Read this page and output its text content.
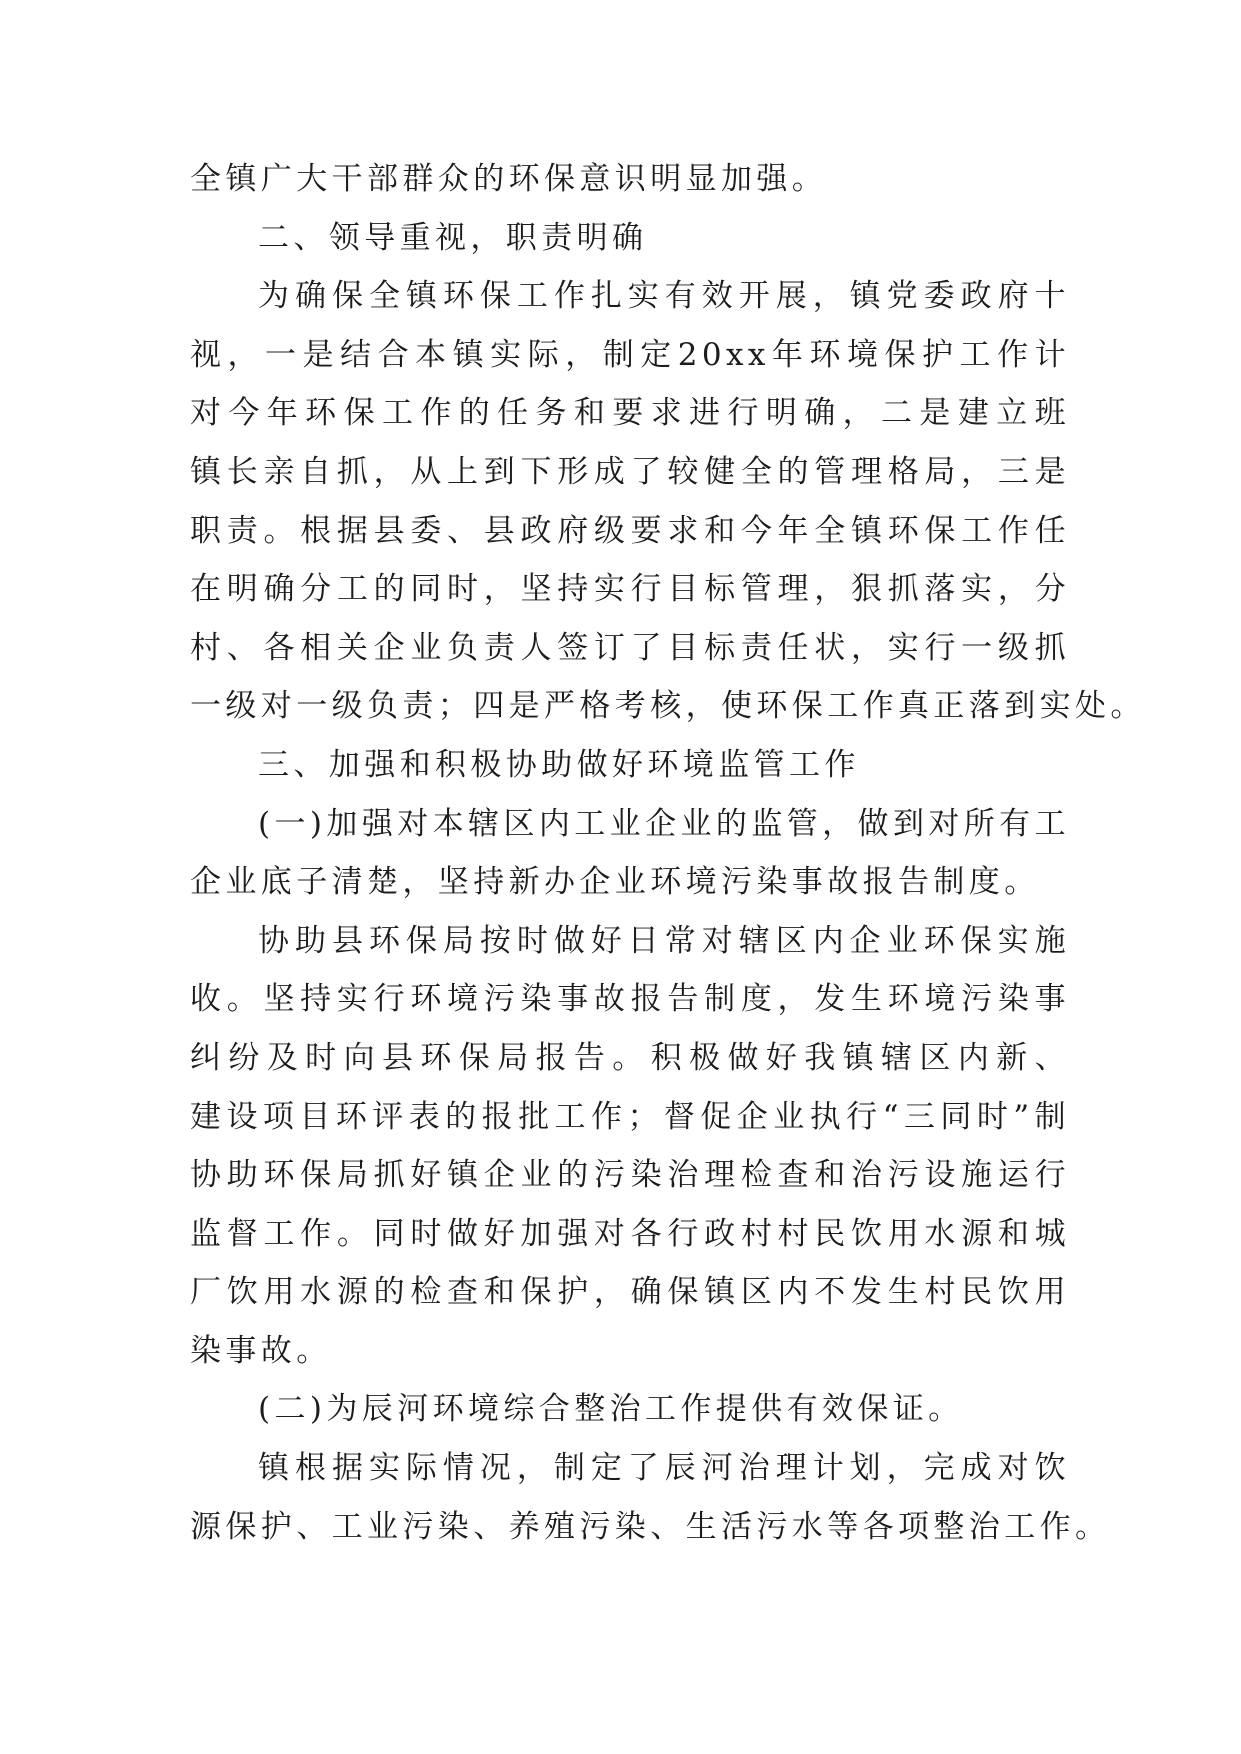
全镇广大干部群众的环保意识明显加强。
二、领导重视，职责明确
为确保全镇环保工作扎实有效开展，镇党委政府十
视，一是结合本镇实际，制定20xx年环境保护工作计
对今年环保工作的任务和要求进行明确，二是建立班
镇长亲自抓，从上到下形成了较健全的管理格局，三是
职责。根据县委、县政府级要求和今年全镇环保工作任
在明确分工的同时，坚持实行目标管理，狠抓落实，分
村、各相关企业负责人签订了目标责任状，实行一级抓
一级对一级负责；四是严格考核，使环保工作真正落到实处。
三、加强和积极协助做好环境监管工作
(一)加强对本辖区内工业企业的监管，做到对所有工
企业底子清楚，坚持新办企业环境污染事故报告制度。
协助县环保局按时做好日常对辖区内企业环保实施
收。坚持实行环境污染事故报告制度，发生环境污染事
纠纷及时向县环保局报告。积极做好我镇辖区内新、
建设项目环评表的报批工作；督促企业执行“三同时”制
协助环保局抓好镇企业的污染治理检查和治污设施运行
监督工作。同时做好加强对各行政村村民饮用水源和城
厂饮用水源的检查和保护，确保镇区内不发生村民饮用
染事故。
(二)为辰河环境综合整治工作提供有效保证。
镇根据实际情况，制定了辰河治理计划，完成对饮
源保护、工业污染、养殖污染、生活污水等各项整治工作。
